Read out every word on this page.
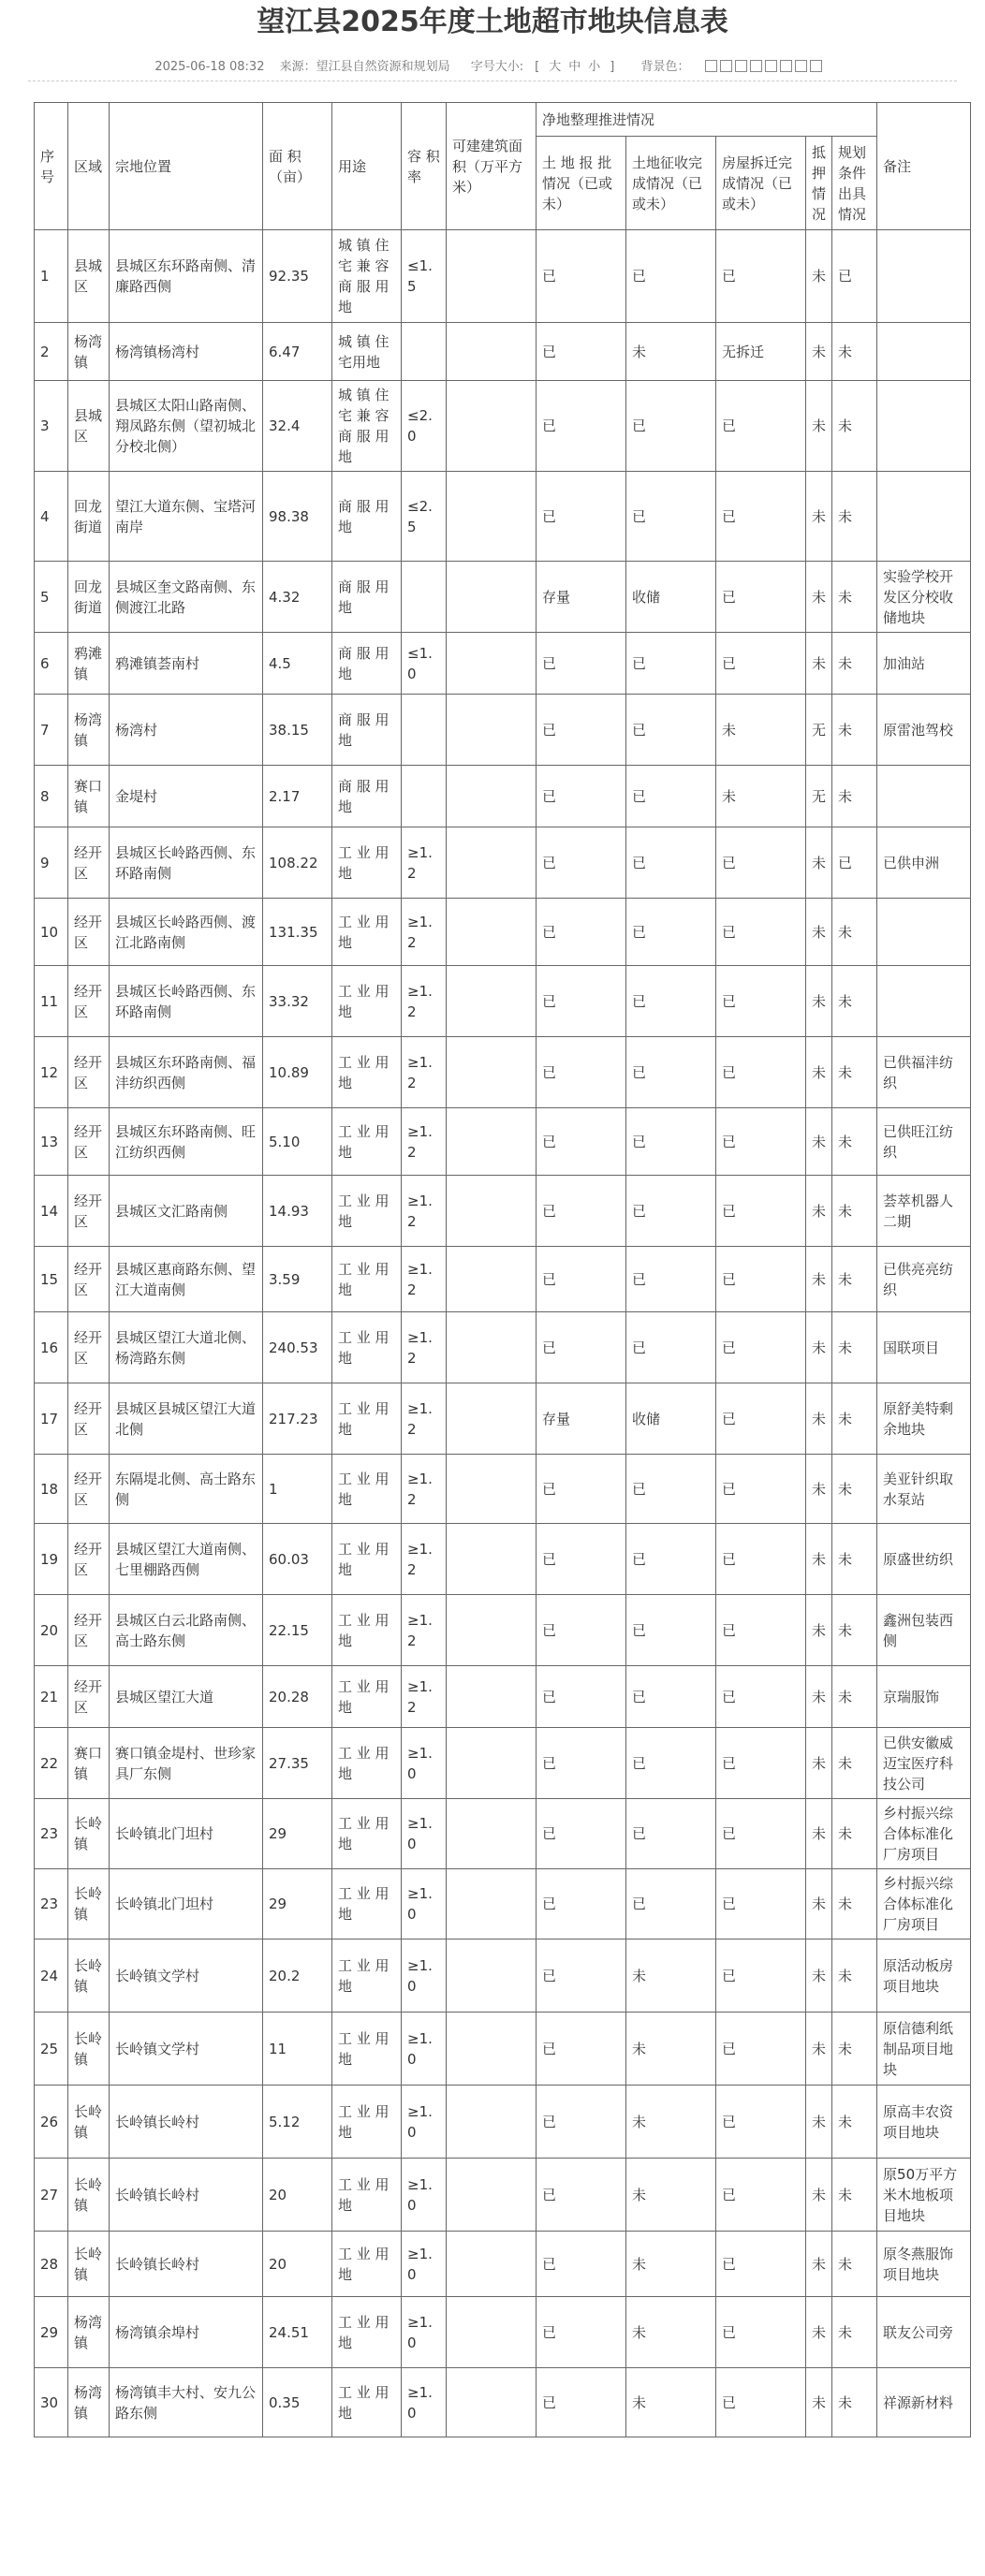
望江县2025年度土地超市地块信息表
2025-06-18 08:32 来源：望江县自然资源和规划局 字号大小: [ 大 中 小 ] 背景色：
序号	区域	宗地位置	面 积（亩）	用途	容 积率	可建建筑面积（万平方米）	净地整理推进情况					备注
							土 地 报 批情况（已或未）	土地征收完成情况（已或未）	房屋拆迁完成情况（已或未）	抵押情况	规划条件出具情况	
1	县城区	县城区东环路南侧、清廉路西侧	92.35	城 镇 住 宅 兼 容 商 服 用 地	≤1.5		已	已	已	未	已	
2	杨湾镇	杨湾镇杨湾村	6.47	城 镇 住 宅用地			已	未	无拆迁	未	未	
3	县城区	县城区太阳山路南侧、翔凤路东侧（望初城北分校北侧）	32.4	城 镇 住 宅 兼 容 商 服 用 地	≤2.0		已	已	已	未	未	
4	回龙街道	望江大道东侧、宝塔河南岸	98.38	商 服 用 地	≤2.5		已	已	已	未	未	
5	回龙街道	县城区奎文路南侧、东侧渡江北路	4.32	商 服 用 地			存量	收储	已	未	未	实验学校开发区分校收储地块
6	鸦滩镇	鸦滩镇荟南村	4.5	商 服 用 地	≤1.0		已	已	已	未	未	加油站
7	杨湾镇	杨湾村	38.15	商 服 用 地			已	已	未	无	未	原雷池驾校
8	赛口镇	金堤村	2.17	商 服 用 地			已	已	未	无	未	
9	经开区	县城区长岭路西侧、东环路南侧	108.22	工 业 用 地	≥1.2		已	已	已	未	已	已供申洲
10	经开区	县城区长岭路西侧、渡江北路南侧	131.35	工 业 用 地	≥1.2		已	已	已	未	未	
11	经开区	县城区长岭路西侧、东环路南侧	33.32	工 业 用 地	≥1.2		已	已	已	未	未	
12	经开区	县城区东环路南侧、福沣纺织西侧	10.89	工 业 用 地	≥1.2		已	已	已	未	未	已供福沣纺织
13	经开区	县城区东环路南侧、旺江纺织西侧	5.10	工 业 用 地	≥1.2		已	已	已	未	未	已供旺江纺织
14	经开区	县城区文汇路南侧	14.93	工 业 用 地	≥1.2		已	已	已	未	未	荟萃机器人二期
15	经开区	县城区惠商路东侧、望江大道南侧	3.59	工 业 用 地	≥1.2		已	已	已	未	未	已供亮亮纺织
16	经开区	县城区望江大道北侧、杨湾路东侧	240.53	工 业 用 地	≥1.2		已	已	已	未	未	国联项目
17	经开区	县城区县城区望江大道北侧	217.23	工 业 用 地	≥1.2		存量	收储	已	未	未	原舒美特剩余地块
18	经开区	东隔堤北侧、高士路东侧	1	工 业 用 地	≥1.2		已	已	已	未	未	美亚针织取水泵站
19	经开区	县城区望江大道南侧、七里棚路西侧	60.03	工 业 用 地	≥1.2		已	已	已	未	未	原盛世纺织
20	经开区	县城区白云北路南侧、高士路东侧	22.15	工 业 用 地	≥1.2		已	已	已	未	未	鑫洲包装西侧
21	经开区	县城区望江大道	20.28	工 业 用 地	≥1.2		已	已	已	未	未	京瑞服饰
22	赛口镇	赛口镇金堤村、世珍家具厂东侧	27.35	工 业 用 地	≥1.0		已	已	已	未	未	已供安徽威迈宝医疗科技公司
23	长岭镇	长岭镇北门坦村	29	工 业 用 地	≥1.0		已	已	已	未	未	乡村振兴综合体标准化厂房项目
23	长岭镇	长岭镇北门坦村	29	工 业 用 地	≥1.0		已	已	已	未	未	乡村振兴综合体标准化厂房项目
24	长岭镇	长岭镇文学村	20.2	工 业 用 地	≥1.0		已	未	已	未	未	原活动板房项目地块
25	长岭镇	长岭镇文学村	11	工 业 用 地	≥1.0		已	未	已	未	未	原信德利纸制品项目地块
26	长岭镇	长岭镇长岭村	5.12	工 业 用 地	≥1.0		已	未	已	未	未	原高丰农资项目地块
27	长岭镇	长岭镇长岭村	20	工 业 用 地	≥1.0		已	未	已	未	未	原50万平方米木地板项目地块
28	长岭镇	长岭镇长岭村	20	工 业 用 地	≥1.0		已	未	已	未	未	原冬燕服饰项目地块
29	杨湾镇	杨湾镇余埠村	24.51	工 业 用 地	≥1.0		已	未	已	未	未	联友公司旁
30	杨湾镇	杨湾镇丰大村、安九公路东侧	0.35	工 业 用 地	≥1.0		已	未	已	未	未	祥源新材料
